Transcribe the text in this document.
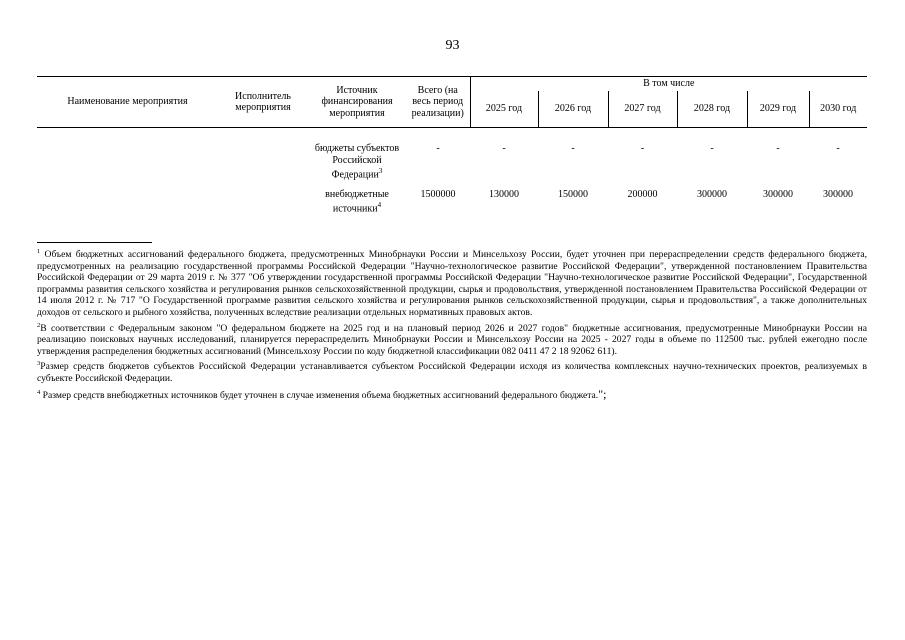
93
Наименование мероприятия	Исполнитель мероприятия	Источник финансирования мероприятия	Всего (на весь период реализации)	В том числе					
				2025 год	2026 год	2027 год	2028 год	2029 год	2030 год

		бюджеты субъектов Российской Федерации$^3$	-	-	-	-	-	-	-
		внебюджетные источники$^4$	1500000	130000	150000	200000	300000	300000	300000

$^1$ Объем бюджетных ассигнований федерального бюджета, предусмотренных Минобрнауки России и Минсельхозу России, будет уточнен при перераспределении средств федерального бюджета, предусмотренных на реализацию государственной программы Российской Федерации "Научно-технологическое развитие Российской Федерации", утвержденной постановлением Правительства Российской Федерации от 29 марта 2019 г. № 377 "Об утверждении государственной программы Российской Федерации "Научно-технологическое развитие Российской Федерации", Государственной программы развития сельского хозяйства и регулирования рынков сельскохозяйственной продукции, сырья и продовольствия, утвержденной постановлением Правительства Российской Федерации от 14 июля 2012 г. № 717 "О Государственной программе развития сельского хозяйства и регулирования рынков сельскохозяйственной продукции, сырья и продовольствия", а также дополнительных доходов от сельского и рыбного хозяйства, полученных вследствие реализации отдельных нормативных правовых актов.

$^2$В соответствии с Федеральным законом "О федеральном бюджете на 2025 год и на плановый период 2026 и 2027 годов" бюджетные ассигнования, предусмотренные Минобрнауки России на реализацию поисковых научных исследований, планируется перераспределить Минобрнауки России и Минсельхозу России на 2025 - 2027 годы в объеме по 112500 тыс. рублей ежегодно после утверждения распределения бюджетных ассигнований (Минсельхозу России по коду бюджетной классификации 082 0411 47 2 18 92062 611).

$^3$Размер средств бюджетов субъектов Российской Федерации устанавливается субъектом Российской Федерации исходя из количества комплексных научно-технических проектов, реализуемых в субъекте Российской Федерации.

$^4$ Размер средств внебюджетных источников будет уточнен в случае изменения объема бюджетных ассигнований федерального бюджета.";
